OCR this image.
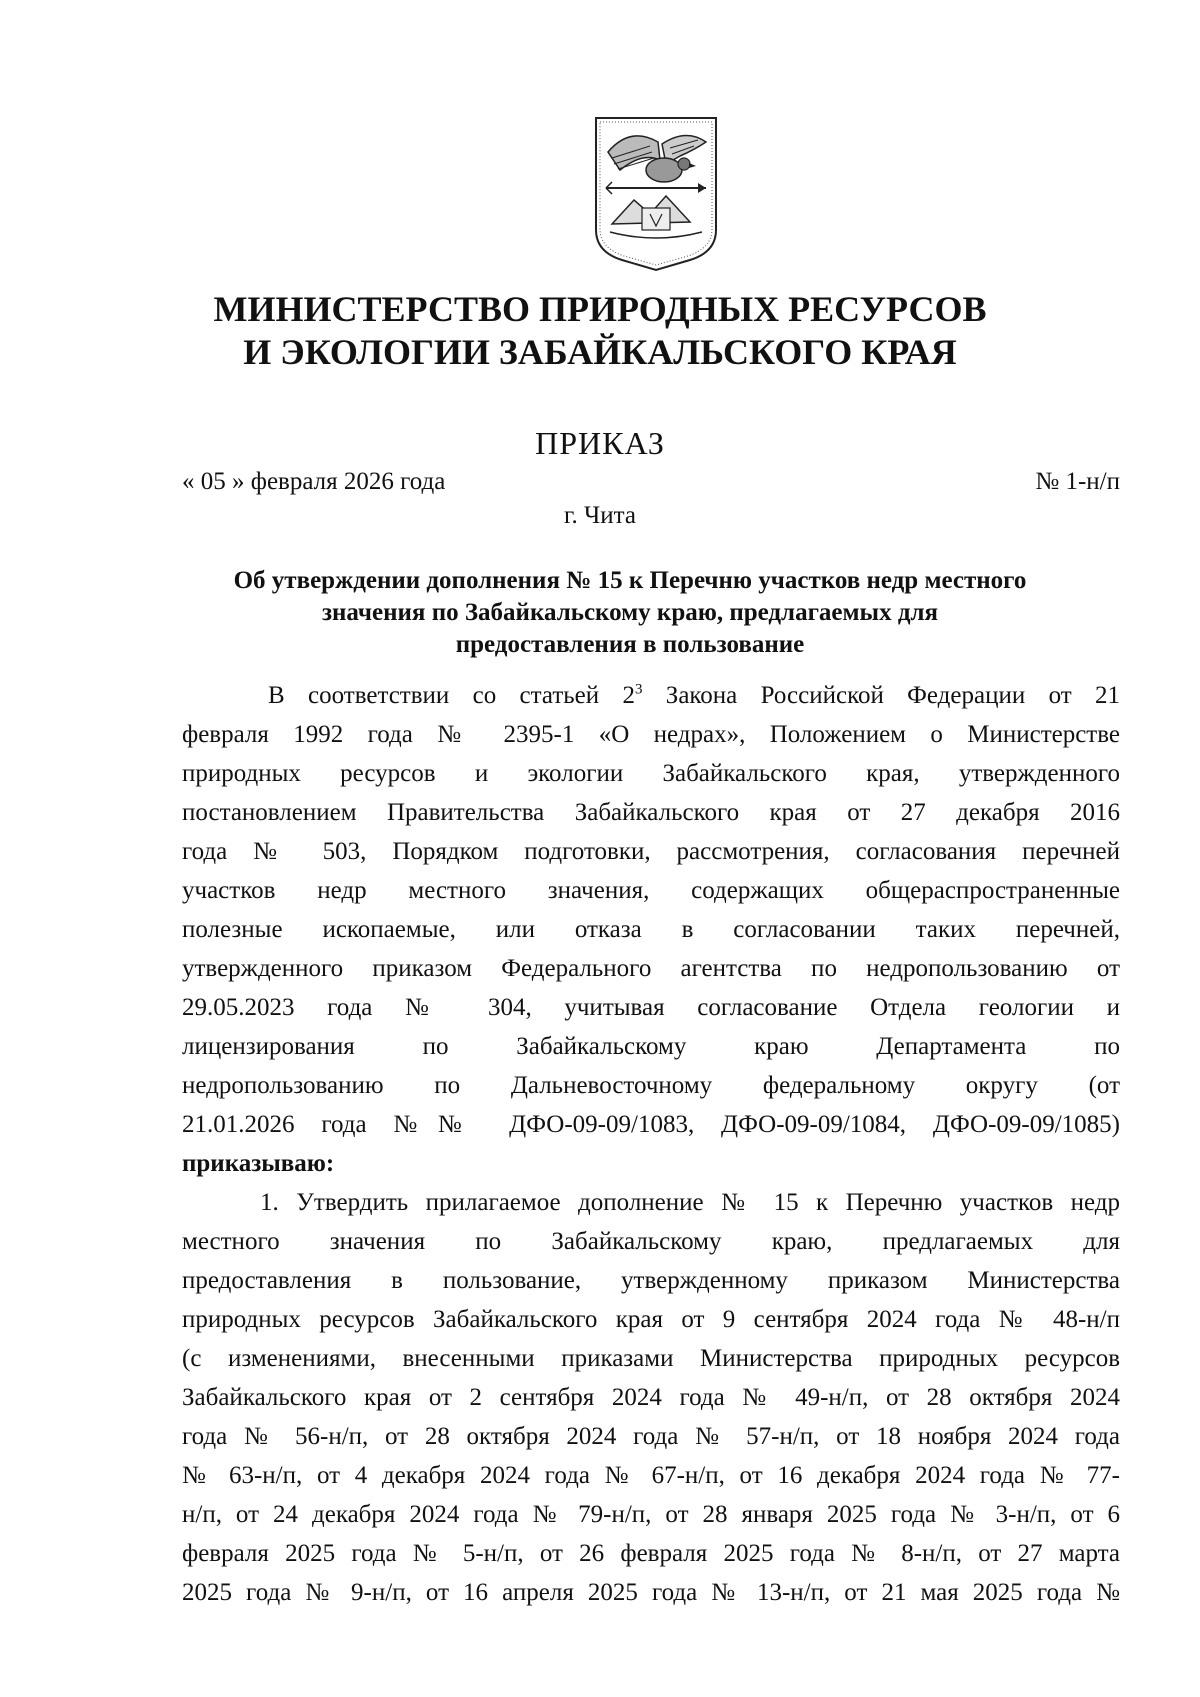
МИНИСТЕРСТВО ПРИРОДНЫХ РЕСУРСОВ
И ЭКОЛОГИИ ЗАБАЙКАЛЬСКОГО КРАЯ
ПРИКАЗ
« 05 » февраля 2026 года	№ 1-н/п
г. Чита
Об утверждении дополнения № 15 к Перечню участков недр местного
значения по Забайкальскому краю, предлагаемых для
предоставления в пользование
В соответствии со статьей $2^3$ Закона Российской Федерации от 21
февраля 1992 года № 2395-1 «О недрах», Положением о Министерстве
природных ресурсов и экологии Забайкальского края, утвержденного
постановлением Правительства Забайкальского края от 27 декабря 2016
года № 503, Порядком подготовки, рассмотрения, согласования перечней
участков недр местного значения, содержащих общераспространенные
полезные ископаемые, или отказа в согласовании таких перечней,
утвержденного приказом Федерального агентства по недропользованию от
29.05.2023 года № 304, учитывая согласование Отдела геологии и
лицензирования по Забайкальскому краю Департамента по
недропользованию по Дальневосточному федеральному округу (от
21.01.2026 года №№ ДФО-09-09/1083, ДФО-09-09/1084, ДФО-09-09/1085)
приказываю:
1. Утвердить прилагаемое дополнение № 15 к Перечню участков недр
местного значения по Забайкальскому краю, предлагаемых для
предоставления в пользование, утвержденному приказом Министерства
природных ресурсов Забайкальского края от 9 сентября 2024 года № 48-н/п
(с изменениями, внесенными приказами Министерства природных ресурсов
Забайкальского края от 2 сентября 2024 года № 49-н/п, от 28 октября 2024
года № 56-н/п, от 28 октября 2024 года № 57-н/п, от 18 ноября 2024 года
№ 63-н/п, от 4 декабря 2024 года № 67-н/п, от 16 декабря 2024 года № 77-
н/п, от 24 декабря 2024 года № 79-н/п, от 28 января 2025 года № 3-н/п, от 6
февраля 2025 года № 5-н/п, от 26 февраля 2025 года № 8-н/п, от 27 марта
2025 года № 9-н/п, от 16 апреля 2025 года № 13-н/п, от 21 мая 2025 года №
